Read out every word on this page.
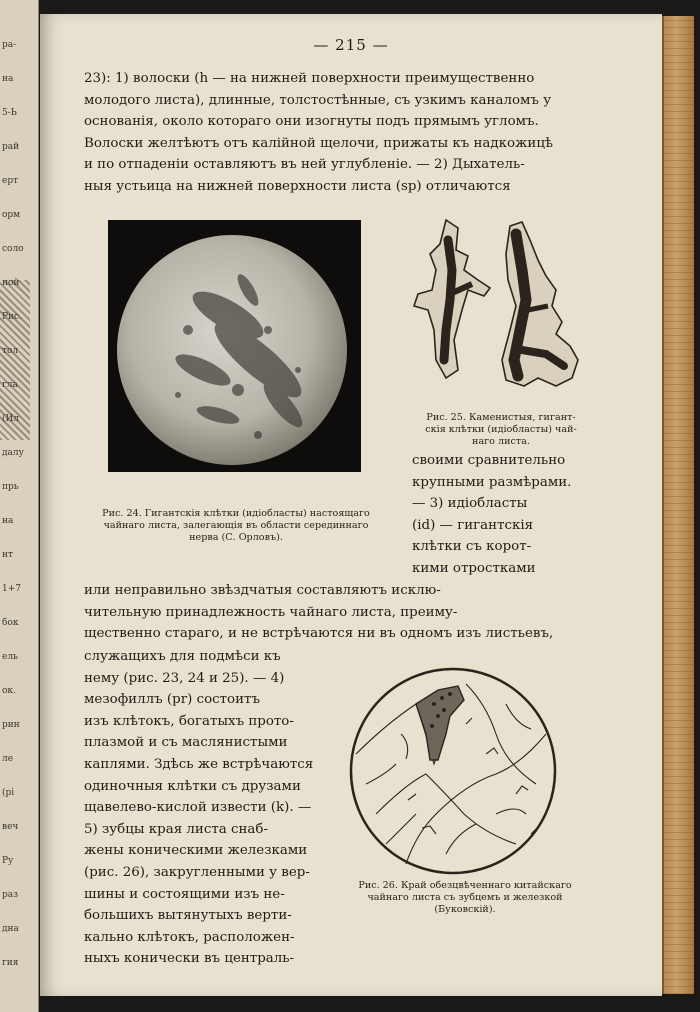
ра-
на
5-Ь
рай
ерт
орм
соло
ной
Рис.
тол
гла
(Ил
далу
прь
на
нт
1+7
бок
ель
ок.
рин
ле
(рі
веч
Ру
раз
дна
гия
— 215 —

23): 1) волоски (h — на нижней поверхности преимущественно

молодого листа), длинные, толстостѣнные, съ узкимъ каналомъ у

основанія, около котораго они изогнуты подъ прямымъ угломъ.

Волоски желтѣютъ отъ калійной щелочи, прижаты къ надкожицѣ

и по отпаденіи оставляютъ въ ней углубленіе. — 2) Дыхатель-

ныя устьица на нижней поверхности листа (sp) отличаются

Рис. 24. Гигантскія клѣтки (идіобласты) настоящаго
чайнаго листа, залегающія въ области серединнаго
нерва (С. Орловъ).
Рис. 25. Каменистыя, гигант-
скія клѣтки (идіобласты) чай-
наго листа.

своими сравнительно

крупными размѣрами.

— 3) идіобласты

(id) — гигантскія

клѣтки съ корот-

кими отростками

или неправильно звѣздчатыя составляютъ исклю-

чительную принадлежность чайнаго листа, преиму-

щественно стараго, и не встрѣчаются ни въ одномъ изъ листьевъ,

служащихъ для подмѣси къ

нему (рис. 23, 24 и 25). — 4)

мезофиллъ (pr) состоитъ

изъ клѣтокъ, богатыхъ прото-

плазмой и съ маслянистыми

каплями. Здѣсь же встрѣчаются

одиночныя клѣтки съ друзами

щавелево-кислой извести (k). —

5) зубцы края листа снаб-

жены коническими железками

(рис. 26), закругленными у вер-

шины и состоящими изъ не-

большихъ вытянутыхъ верти-

кально клѣтокъ, расположен-

ныхъ конически въ централь-

Рис. 26. Край обезцвѣченнаго китайскаго
чайнаго листа съ зубцемъ и железкой
(Буковскій).
